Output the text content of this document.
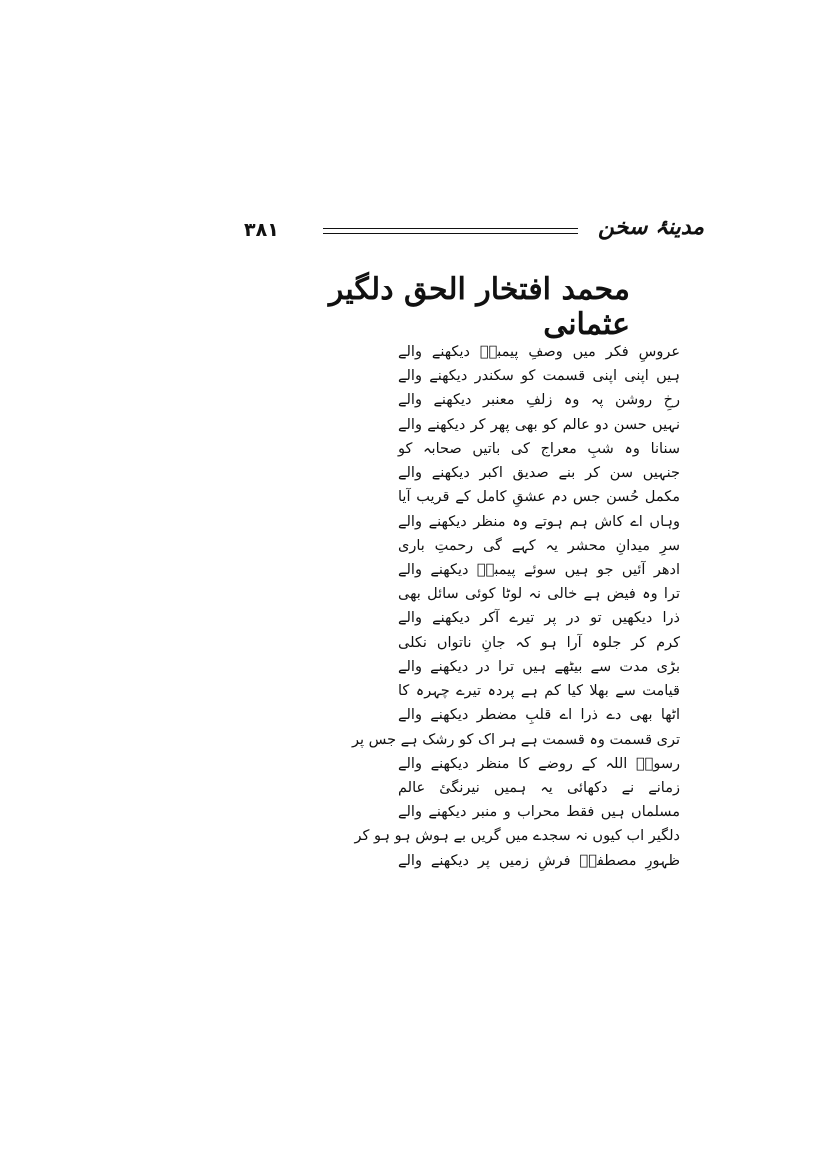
۳۸۱	مدینۂ سخن
محمد افتخار الحق دلگیر عثمانی
عروسِ فکر میں وصفِ پیمبرؐ دیکھنے والے
ہیں اپنی اپنی قسمت کو سکندر دیکھنے والے
رخِ روشن پہ وہ زلفِ معنبر دیکھنے والے
نہیں حسن دو عالم کو بھی پھر کر دیکھنے والے
سنانا وہ شبِ معراج کی باتیں صحابہ کو
جنہیں سن کر بنے صدیق اکبر دیکھنے والے
مکمل حُسن جس دم عشقِ کامل کے قریب آیا
وہاں اے کاش ہم ہوتے وہ منظر دیکھنے والے
سرِ میدانِ محشر یہ کہے گی رحمتِ باری
ادھر آئیں جو ہیں سوئے پیمبرؐ دیکھنے والے
ترا وہ فیض ہے خالی نہ لوٹا کوئی سائل بھی
ذرا دیکھیں تو در پر تیرے آکر دیکھنے والے
کرم کر جلوہ آرا ہو کہ جانِ ناتواں نکلی
بڑی مدت سے بیٹھے ہیں ترا در دیکھنے والے
قیامت سے بھلا کیا کم ہے پردہ تیرے چہرہ کا
اٹھا بھی دے ذرا اے قلبِ مضطر دیکھنے والے
تری قسمت وہ قسمت ہے ہر اک کو رشک ہے جس پر
رسولؐ اللہ کے روضے کا منظر دیکھنے والے
زمانے نے دکھائی یہ ہمیں نیرنگیٔ عالم
مسلماں ہیں فقط محراب و منبر دیکھنے والے
دلگیر اب کیوں نہ سجدے میں گریں بے ہوش ہو ہو کر
ظہورِ مصطفیؐ فرشِ زمیں پر دیکھنے والے
